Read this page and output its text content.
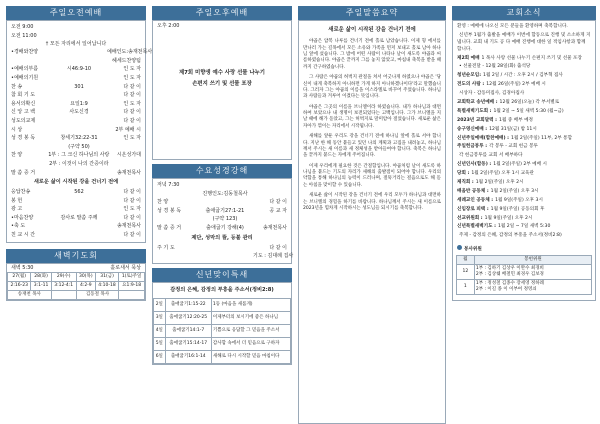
주일오전예배
오전 9:00
오전 11:00
† 모든 자리에서 일어납니다
•경배와찬양	예배인도:송재천목사
헤세드찬양팀
•예배의부름	시46:9-10	인 도 자
•예배의기원	인 도 자
찬 송	301	다 같 이
참 회 기 도	다 같 이
용서의확신	요일1:9	인 도 자
신 앙 고 백	사도신경	다 같 이
성도의교제	다 같 이
시 상	2부 예배 시
성 경 봉 독	창세기32:22-31	인 도 자
(구약 50)
찬 양	1부 : 그 크신 하나님의 사랑	시온성가대
2부 : 이것이 나의 간증이라
말 씀 증 거	송재천목사
새로운 삶이 시작된 강을 건너기 전에
응답찬송	562	다 같 이
봉 헌	다 같 이
광 고	인 도 자
•마음찬양	감사로 말씀 주께	다 같 이
•축 도	송재천목사
친 교 시 간	다 같 이
새벽기도회
새벽 5:30	홀로새서 묵상
27(월)	28(화)	29(수)	30(목)	31(금)	1(토)주일
2:16-23	3:1-11	3:12-4:1	4:2-9	4:10-18	요1:9-18
송재천 목사			김동철 목사		
주일오후예배
오후 2:00
제7회 미향생 예수 사랑 선물 나누기
손편지 쓰기 및 선물 포장
수요성경강해
저녁 7:30
진행인도:김동철목사
찬 양	다 같 이
성 경 봉 독	출애굽기27:1-21	공 교 자
(구약 123)
말 씀 증 거	출애굽기 강해(4)	송재천목사
제단, 성막의 뜰, 등불 관리
주 기 도	다 같 이
기도 : 김대례 집사
신년맞이특새
감정의 은혜, 감정의 부흥을 주소서(정비2:8)
2일	출애굽기1:15-22	1등 (마음을 새롭게)
3일	출애굽기12:20-25	이제부터의 보시기에 좋은 하나님
4일	출애굽기14:1-7	기쁨으로 응답할 그 믿음을 주소서
5일	출애굽기15:14-17	감사함 속에서 더 믿음으로 구하자
6일	출애굽기16:1-14	새해로 다시 시작할 믿음 마침이다
주일말씀요약
새로운 삶이 시작된 강을 건너기 전에
야곱은 얍복 나루를 건너기 전에 홀로 남았습니다. 이제 형 에서를 만나러 가는 길목에서 모든 소유와 가족을 먼저 보내고 홀로 남아 하나님 앞에 섰습니다. 그 밤에 어떤 사람이 나타나 날이 새도록 야곱과 씨름하였습니다. 야곱은 끝까지 그를 놓지 않았고, 마침내 축복을 받을 때까지 간구하였습니다.
그 사람은 야곱의 허벅지 관절을 쳐서 어긋나게 하였으나 야곱은 '당신이 내게 축복하지 아니하면 가게 하지 아니하겠나이다'라고 말했습니다. 그러자 그는 야곱의 이름을 이스라엘로 바꾸어 주었습니다. 하나님과 사람들과 겨루어 이겼다는 뜻입니다.
야곱은 그곳의 이름을 브니엘이라 하였습니다. 내가 하나님과 대면하여 보았으나 내 생명이 보전되었다는 고백입니다. 그가 브니엘을 지날 때에 해가 돋았고, 그는 허벅지로 말미암아 절었습니다. 새로운 삶은 자아가 꺾이는 자리에서 시작됩니다.
새해를 앞둔 우리도 강을 건너기 전에 하나님 앞에 홀로 서야 합니다. 지난 한 해 동안 붙들고 있던 나의 계획과 고집을 내려놓고, 하나님께서 주시는 새 이름과 새 정체성을 받아들여야 합니다. 축복은 하나님을 끝까지 붙드는 자에게 주어집니다.
이제 우리에게 필요한 것은 간절함입니다. 야곱처럼 날이 새도록 하나님을 붙드는 기도의 자리가 새해의 출발점이 되어야 합니다. 우리의 약함을 통해 하나님의 능력이 드러나며, 절뚝거리는 걸음으로도 해 돋는 아침을 맞이할 수 있습니다.
새로운 삶이 시작된 강을 건너기 전에 우리 모두가 하나님과 대면하는 브니엘의 경험을 하기를 바랍니다. 하나님께서 주시는 새 이름으로 2023년을 힘차게 시작하시는 성도님들 되시기를 축복합니다.
교회소식
환영 : 예배에 나오신 모든 분들을 환영하며 축복합니다.
신년부 1월가 출발을 예배가 이번에 합동으로 진행 및 소소하게 지냅니다. 교회 내 기도 공 다 예배 진행에 대한 일 적임사항과 함께 합니다.
제2회 예배 1 목사 사랑 선물 나누기 손편지 쓰기 및 선물 포장
• 선물전달 - 12월 28일(화) 출석당
청년순모임: 1월 2일 / 시간 : 오후 2시 / 김부혁 집사
전도의 사람 : 12월 26일(주일) 2부 예배 시
시상자 - 감동미집사, 김경아집사
교회학교 송년예배 : 12월 26일(오늘) 각 부서별로
특별새벽기도회 : 1월 2일 ~ 5일 새벽 5:30 (월~금)
2023년 교회달력 : 1월 중 배부 예정
송구영신예배 : 12월 31일(금) 밤 11시
신년주일예배(합찬예배) : 1월 2일(주일) 11부, 2부 통합
주일헌금봉투 : 각 봉투 - 교회 헌금 봉투
각 헌금봉투를 교회 서 배부하다
신년인사(합동) : 1월 2일(주일) 2부 예배 시
당회 : 1월 2일(주일) 오후 1시 교육관
제직회 : 1월 2일(주일) 오후 2시
배움반 공동체 : 1월 2일(주일) 오후 3시
세례교인 공동체 : 1월 9일(주일) 오후 3시
신임장로 피택 : 1월 9일(주일) 공동의회 후
선교위원회 : 1월 9일(주일) 오후 2시
신년특별새벽기도 : 1월 2일 ~ 7일 새벽 5:30
주제 - 감정의 은혜, 감정의 부흥을 주소서(정비2:8)
봉사위원
월	봉헌위원
12	1부 : 김하기 김상우 이완수 최경희
2부 : 김상쉐 배철민 최경우 김보경

1	1부 : 정성철 김종수 장세영 정하례
2부 : 이길 종 이 이부여 정영쇠
